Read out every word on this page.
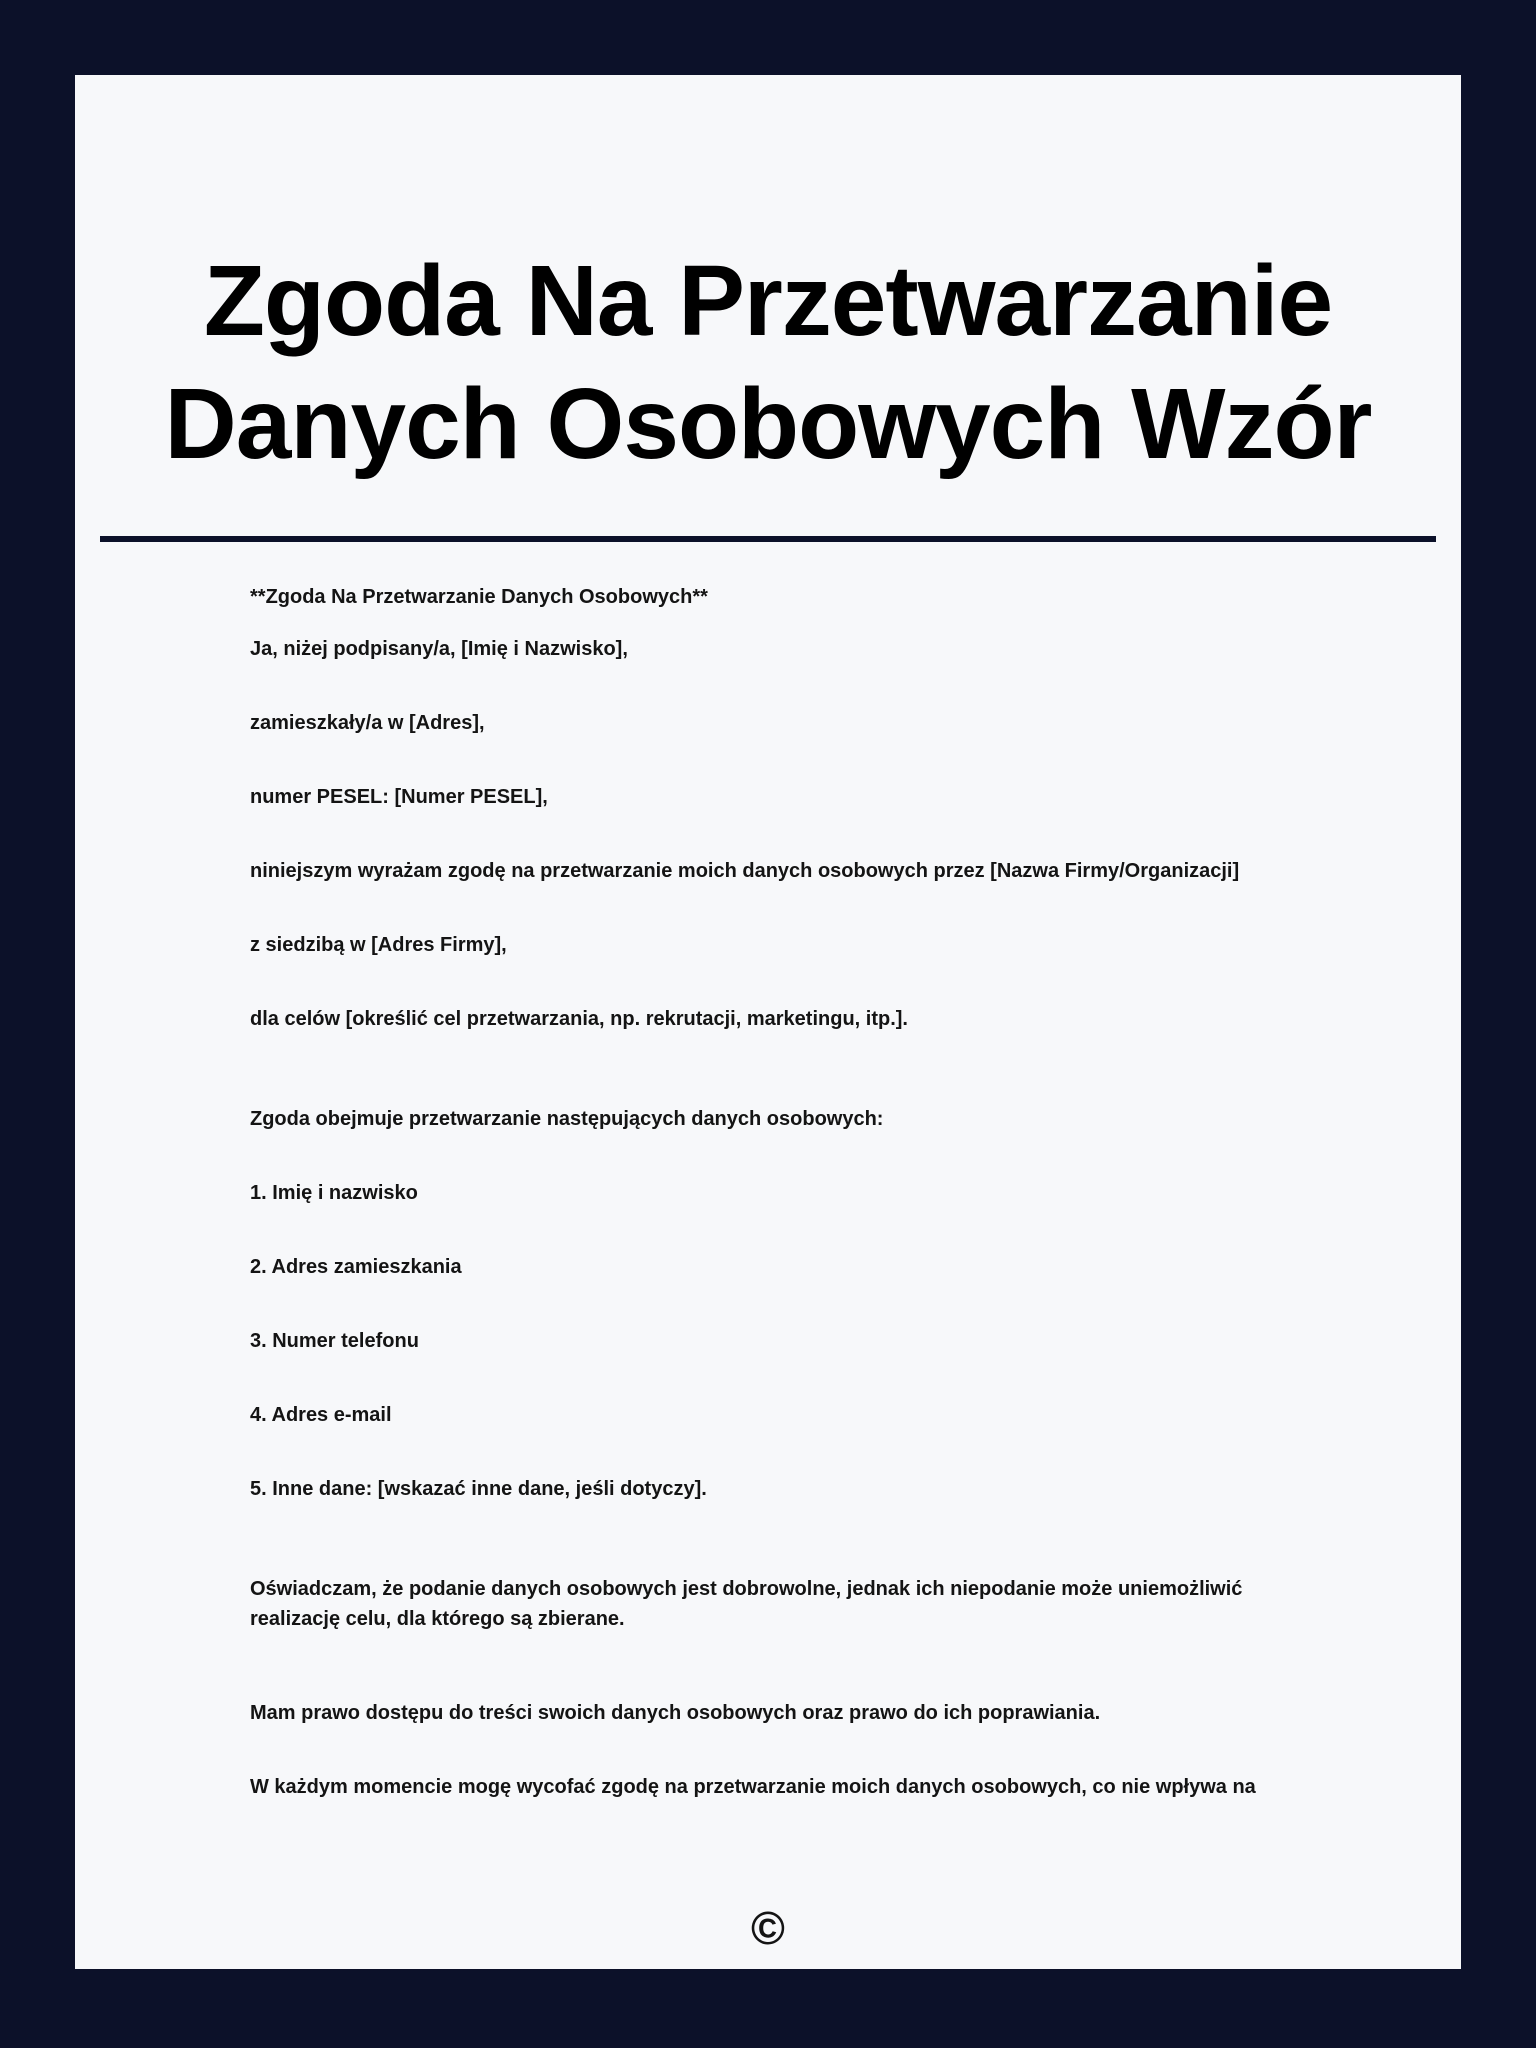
Zgoda Na Przetwarzanie Danych Osobowych Wzór

**Zgoda Na Przetwarzanie Danych Osobowych**

Ja, niżej podpisany/a, [Imię i Nazwisko],

zamieszkały/a w [Adres],

numer PESEL: [Numer PESEL],

niniejszym wyrażam zgodę na przetwarzanie moich danych osobowych przez [Nazwa Firmy/Organizacji]

z siedzibą w [Adres Firmy],

dla celów [określić cel przetwarzania, np. rekrutacji, marketingu, itp.].

Zgoda obejmuje przetwarzanie następujących danych osobowych:

1. Imię i nazwisko

2. Adres zamieszkania

3. Numer telefonu

4. Adres e-mail

5. Inne dane: [wskazać inne dane, jeśli dotyczy].

Oświadczam, że podanie danych osobowych jest dobrowolne, jednak ich niepodanie może uniemożliwić realizację celu, dla którego są zbierane.

Mam prawo dostępu do treści swoich danych osobowych oraz prawo do ich poprawiania.

W każdym momencie mogę wycofać zgodę na przetwarzanie moich danych osobowych, co nie wpływa na

©
